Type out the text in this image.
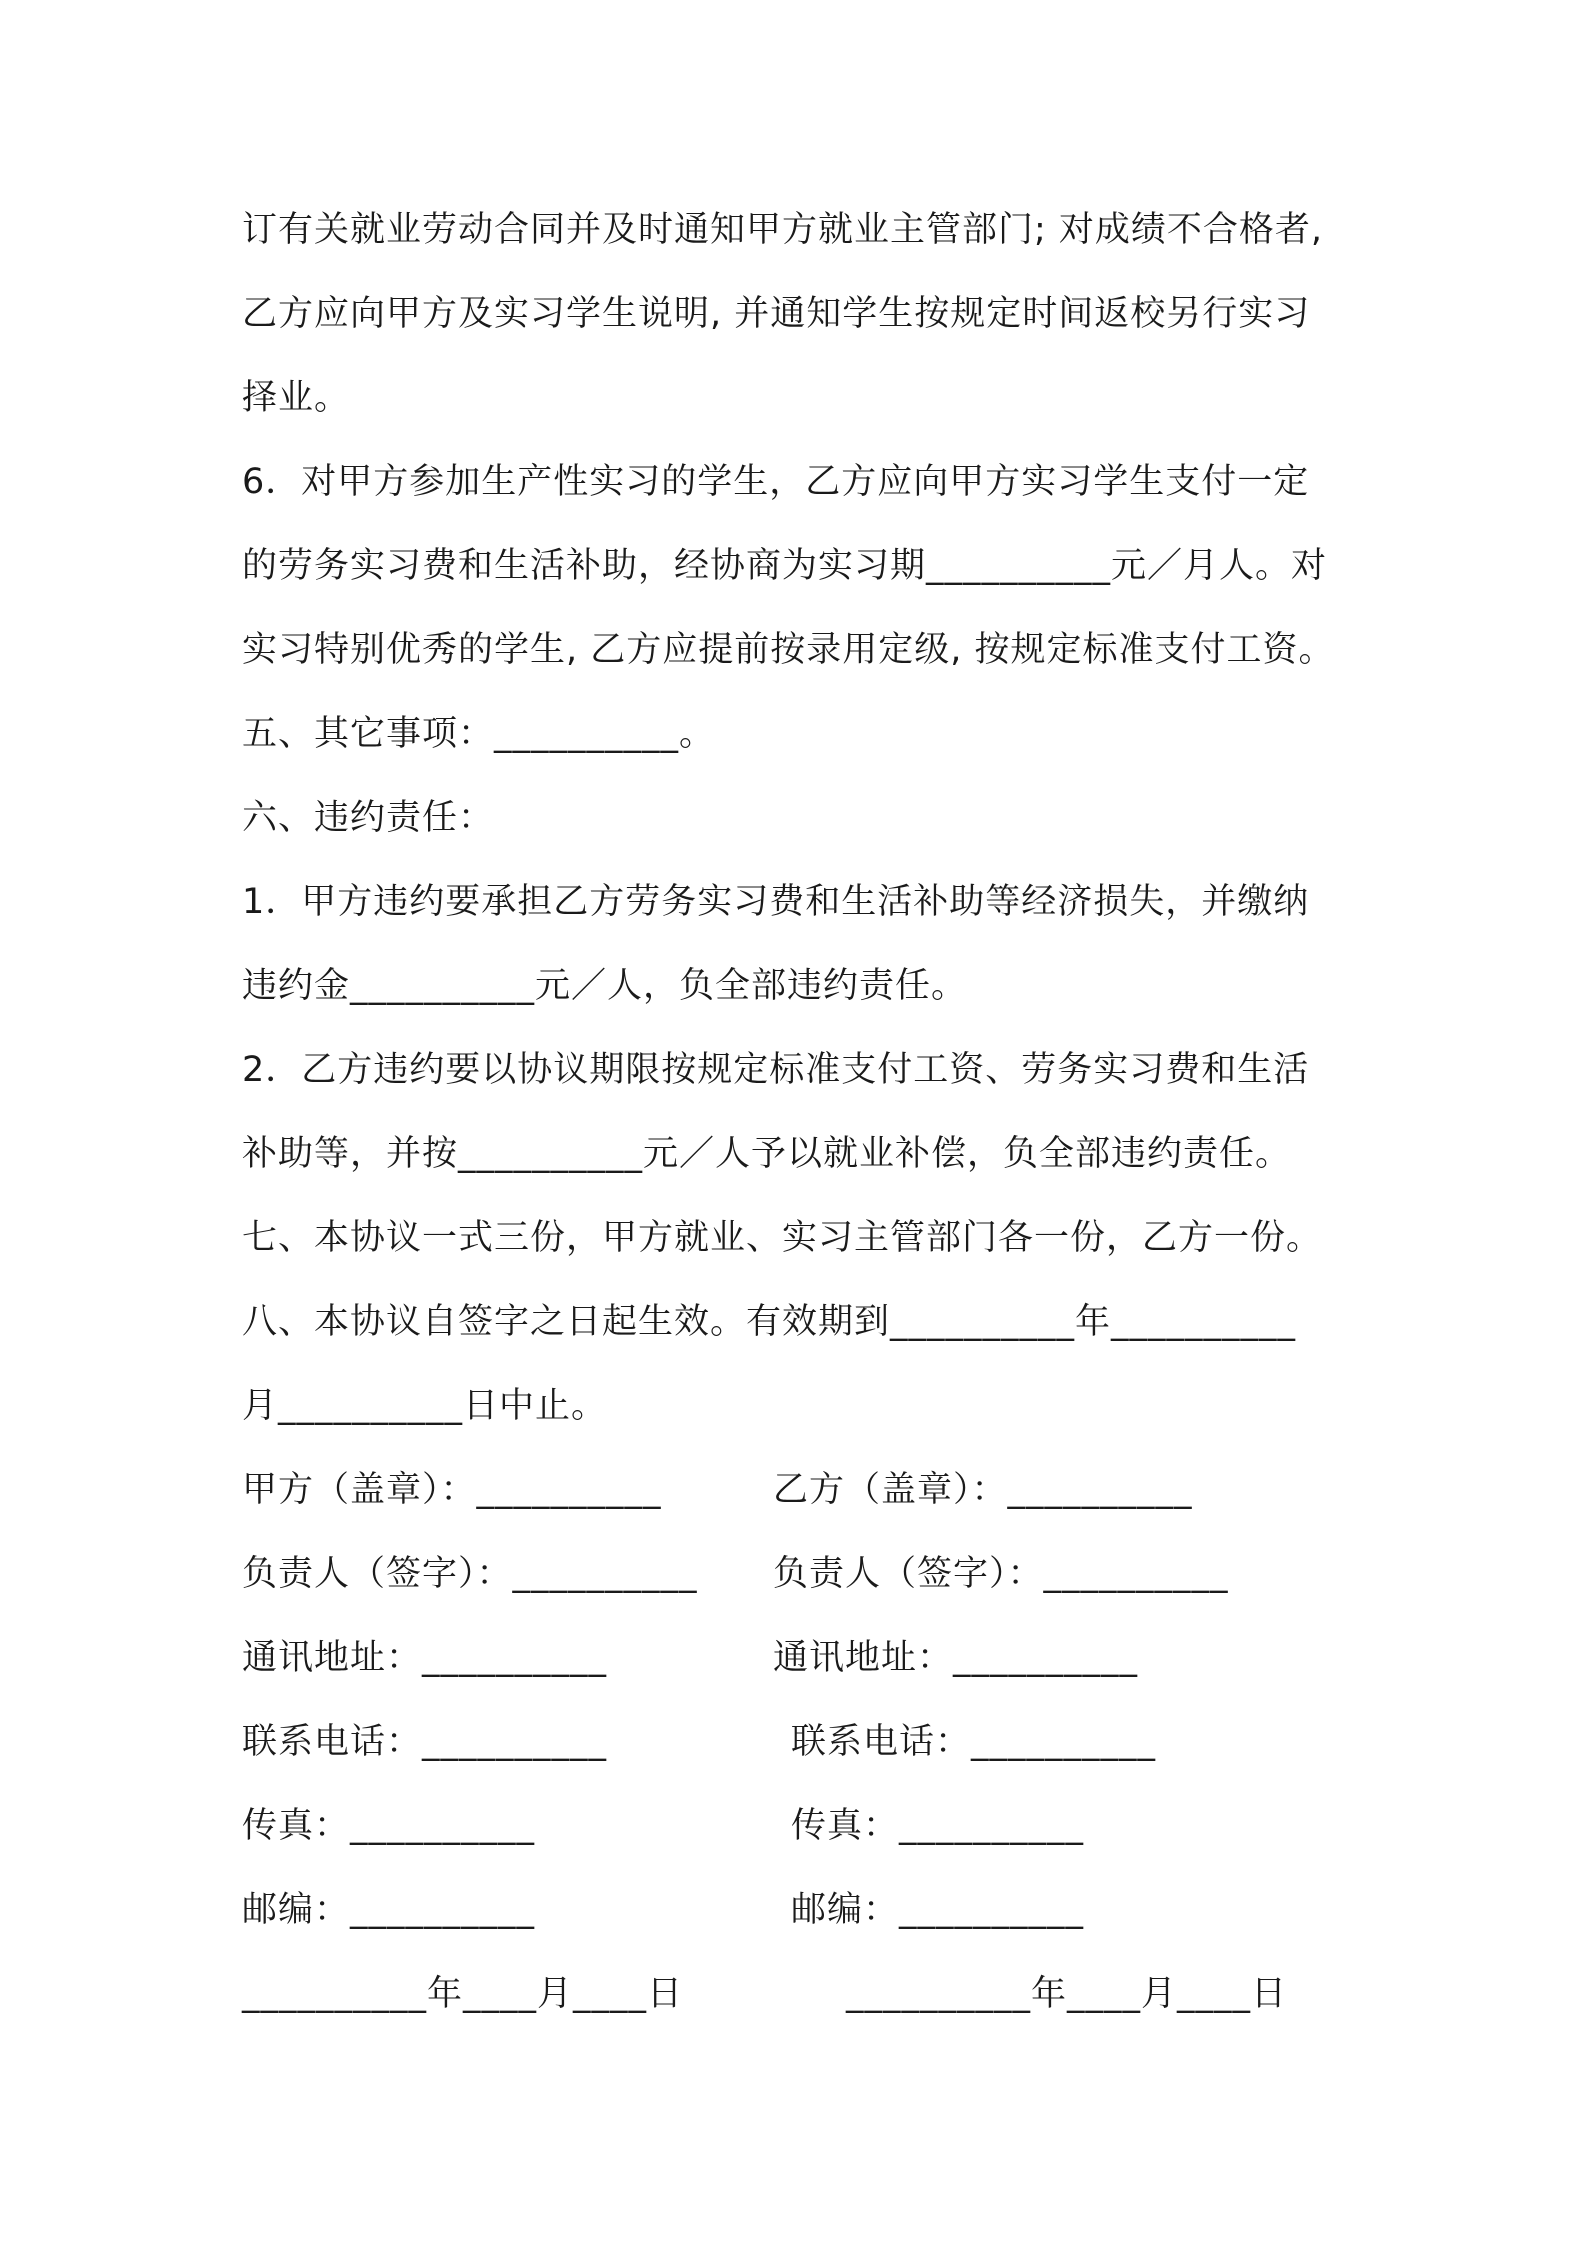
订有关就业劳动合同并及时通知甲方就业主管部门; 对成绩不合格者,
乙方应向甲方及实习学生说明, 并通知学生按规定时间返校另行实习
择业。
6．对甲方参加生产性实习的学生，乙方应向甲方实习学生支付一定
的劳务实习费和生活补助，经协商为实习期__________元／月人。对
实习特别优秀的学生, 乙方应提前按录用定级, 按规定标准支付工资。
五、其它事项：__________。
六、违约责任：
1．甲方违约要承担乙方劳务实习费和生活补助等经济损失，并缴纳
违约金__________元／人，负全部违约责任。
2．乙方违约要以协议期限按规定标准支付工资、劳务实习费和生活
补助等，并按__________元／人予以就业补偿，负全部违约责任。
七、本协议一式三份，甲方就业、实习主管部门各一份，乙方一份。
八、本协议自签字之日起生效。有效期到__________年__________
月__________日中止。
甲方（盖章）：__________
负责人（签字）：__________
通讯地址：__________
联系电话：__________
传真：__________
邮编：__________
__________年____月____日
乙方（盖章）：__________
负责人（签字）：__________
通讯地址：__________
联系电话：__________
传真：__________
邮编：__________
__________年____月____日
